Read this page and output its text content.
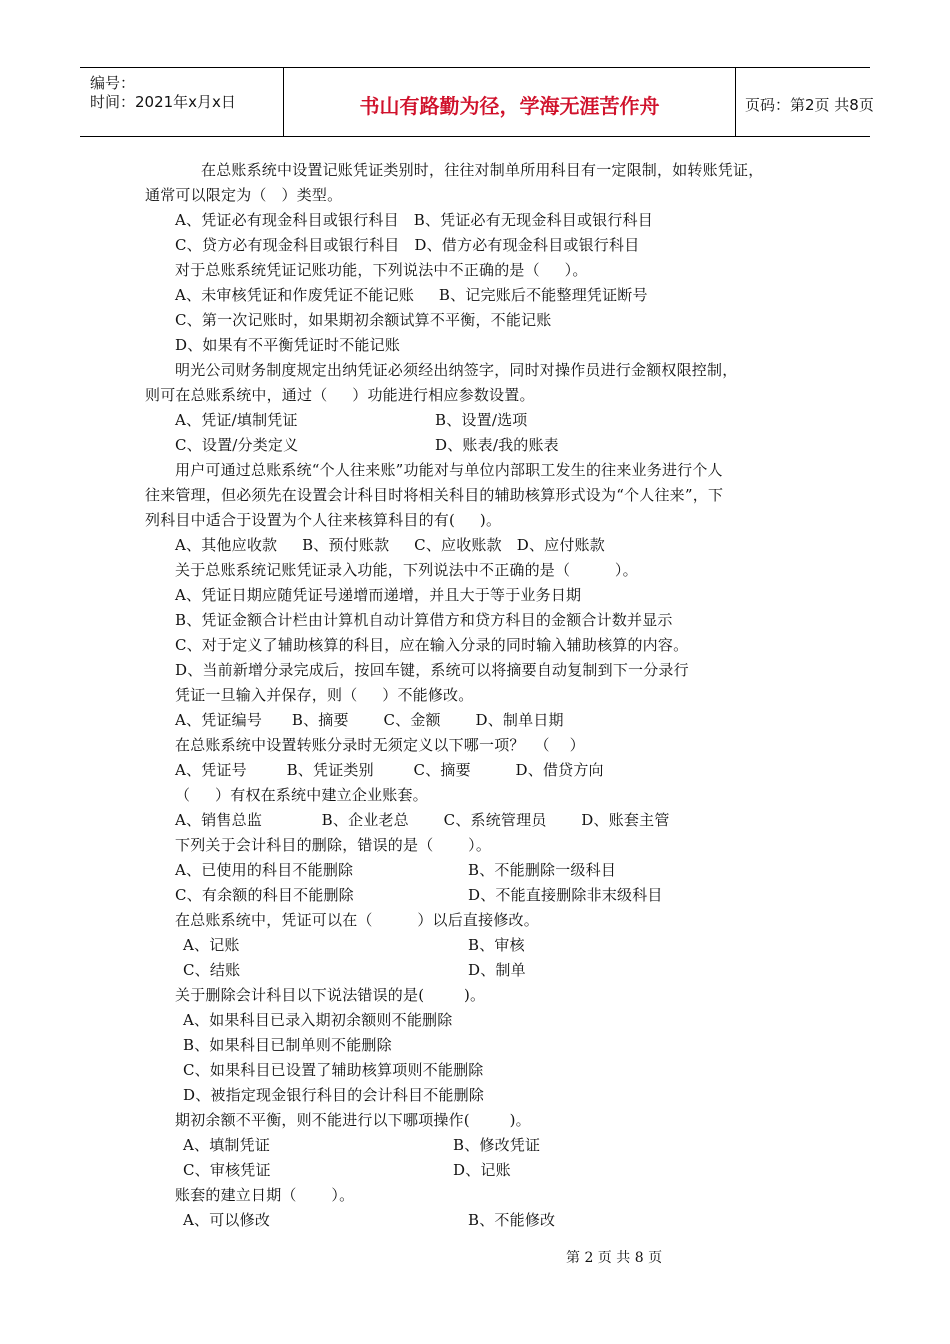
编号：
时间：2021年x月x日	书山有路勤为径，学海无涯苦作舟	页码：第2页 共8页
在总账系统中设置记账凭证类别时，往往对制单所用科目有一定限制，如转账凭证，
通常可以限定为（   ）类型。
A、凭证必有现金科目或银行科目   B、凭证必有无现金科目或银行科目
C、贷方必有现金科目或银行科目   D、借方必有现金科目或银行科目
对于总账系统凭证记账功能，下列说法中不正确的是（     ）。
A、未审核凭证和作废凭证不能记账     B、记完账后不能整理凭证断号
C、第一次记账时，如果期初余额试算不平衡，不能记账
D、如果有不平衡凭证时不能记账
明光公司财务制度规定出纳凭证必须经出纳签字，同时对操作员进行金额权限控制，
则可在总账系统中，通过（     ）功能进行相应参数设置。
A、凭证/填制凭证	B、设置/选项
C、设置/分类定义	D、账表/我的账表
用户可通过总账系统“个人往来账”功能对与单位内部职工发生的往来业务进行个人
往来管理，但必须先在设置会计科目时将相关科目的辅助核算形式设为“个人往来”，下
列科目中适合于设置为个人往来核算科目的有(     )。
A、其他应收款     B、预付账款     C、应收账款   D、应付账款
关于总账系统记账凭证录入功能，下列说法中不正确的是（         ）。
A、凭证日期应随凭证号递增而递增，并且大于等于业务日期
B、凭证金额合计栏由计算机自动计算借方和贷方科目的金额合计数并显示
C、对于定义了辅助核算的科目，应在输入分录的同时输入辅助核算的内容。
D、当前新增分录完成后，按回车键，系统可以将摘要自动复制到下一分录行
凭证一旦输入并保存，则（     ）不能修改。
A、凭证编号      B、摘要       C、金额       D、制单日期
在总账系统中设置转账分录时无须定义以下哪一项？  （    ）
A、凭证号        B、凭证类别        C、摘要         D、借贷方向
（     ）有权在系统中建立企业账套。
A、销售总监            B、企业老总       C、系统管理员       D、账套主管
下列关于会计科目的删除，错误的是（       ）。
A、已使用的科目不能删除	B、不能删除一级科目
C、有余额的科目不能删除	D、不能直接删除非末级科目
在总账系统中，凭证可以在（         ）以后直接修改。
A、记账	B、审核
C、结账	D、制单
关于删除会计科目以下说法错误的是(        )。
A、如果科目已录入期初余额则不能删除
B、如果科目已制单则不能删除
C、如果科目已设置了辅助核算项则不能删除
D、被指定现金银行科目的会计科目不能删除
期初余额不平衡，则不能进行以下哪项操作(        )。
A、填制凭证	B、修改凭证
C、审核凭证	D、记账
账套的建立日期（       ）。
A、可以修改	B、不能修改
第 2 页 共 8 页
